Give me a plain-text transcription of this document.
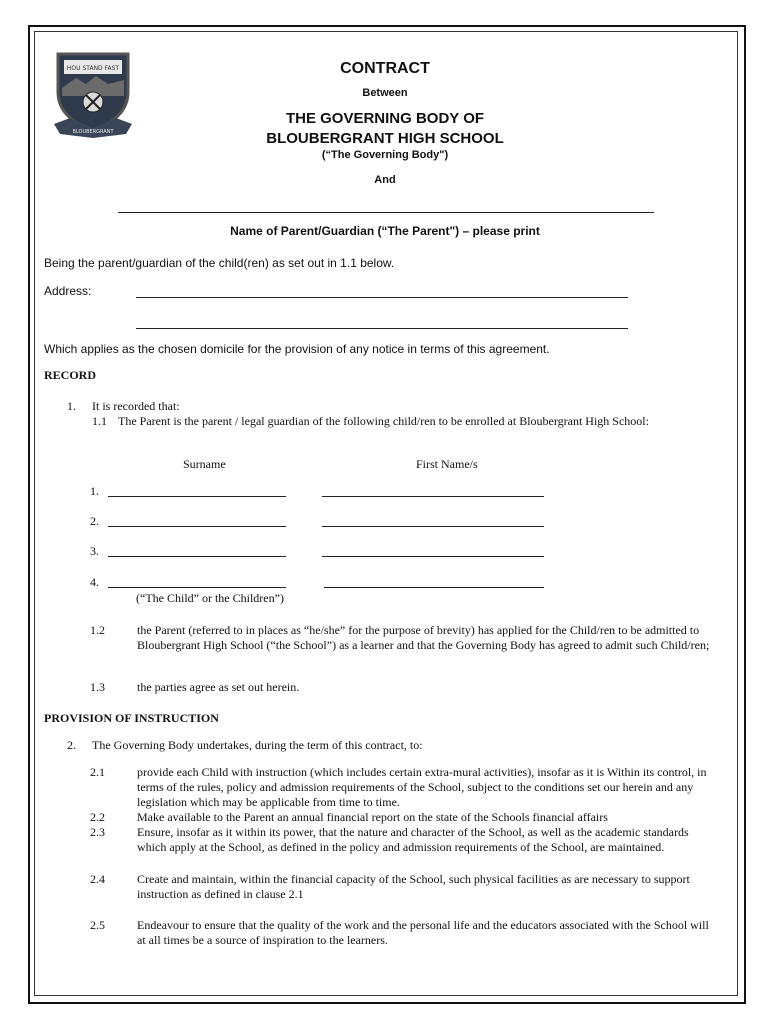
HOU STAND FAST
BLOUBERGRANT
CONTRACT
Between
THE GOVERNING BODY OF
BLOUBERGRANT HIGH SCHOOL
(“The Governing Body")
And
Name of Parent/Guardian (“The Parent") – please print
Being the parent/guardian of the child(ren) as set out in 1.1 below.
Address:
Which applies as the chosen domicile for the provision of any notice in terms of this agreement.
RECORD
1. It is recorded that:
1.1 The Parent is the parent / legal guardian of the following child/ren to be enrolled at Bloubergrant High School:
Surname	First Name/s
1.
2.
3.
4.
(“The Child” or the Children”)
1.2	the Parent (referred to in places as “he/she” for the purpose of brevity) has applied for the Child/ren to be admitted to Bloubergrant High School (“the School”) as a learner and that the Governing Body has agreed to admit such Child/ren;
1.3	the parties agree as set out herein.
PROVISION OF INSTRUCTION
2. The Governing Body undertakes, during the term of this contract, to:
2.1	provide each Child with instruction (which includes certain extra-mural activities), insofar as it is Within its control, in terms of the rules, policy and admission requirements of the School, subject to the conditions set our herein and any legislation which may be applicable from time to time.
2.2	Make available to the Parent an annual financial report on the state of the Schools financial affairs
2.3	Ensure, insofar as it within its power, that the nature and character of the School, as well as the academic standards which apply at the School, as defined in the policy and admission requirements of the School, are maintained.
2.4	Create and maintain, within the financial capacity of the School, such physical facilities as are necessary to support instruction as defined in clause 2.1
2.5	Endeavour to ensure that the quality of the work and the personal life and the educators associated with the School will at all times be a source of inspiration to the learners.
